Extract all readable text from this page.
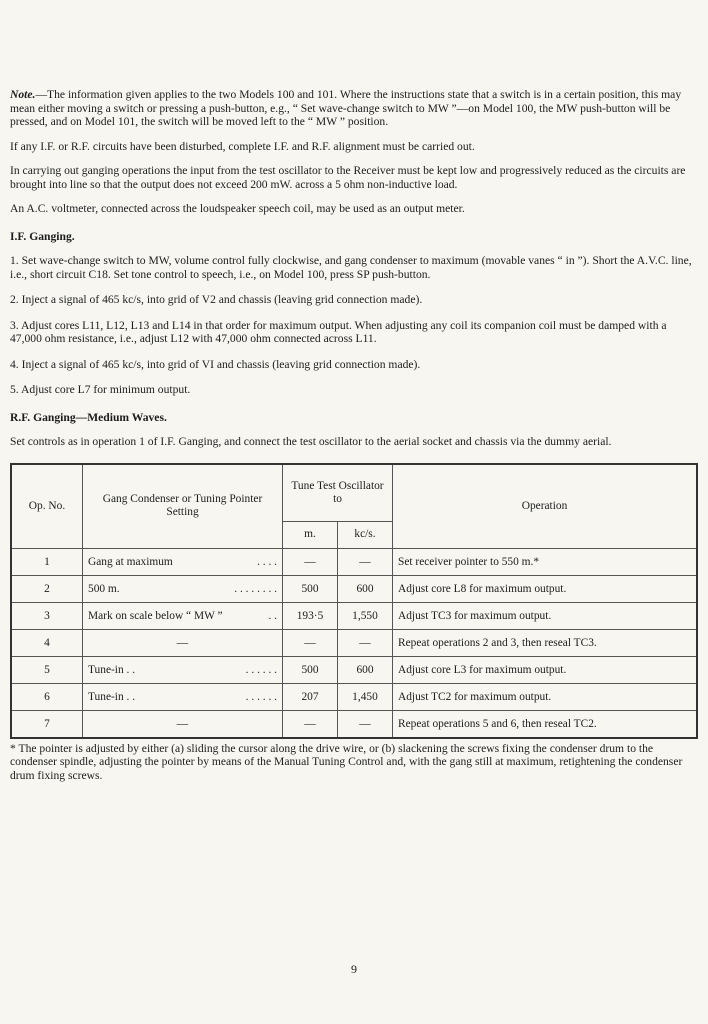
Note.—The information given applies to the two Models 100 and 101. Where the instructions state that a switch is in a certain position, this may mean either moving a switch or pressing a push-button, e.g., “ Set wave-change switch to MW ”—on Model 100, the MW push-button will be pressed, and on Model 101, the switch will be moved left to the “ MW ” position.

If any I.F. or R.F. circuits have been disturbed, complete I.F. and R.F. alignment must be carried out.

In carrying out ganging operations the input from the test oscillator to the Receiver must be kept low and progressively reduced as the circuits are brought into line so that the output does not exceed 200 mW. across a 5 ohm non-inductive load.

An A.C. voltmeter, connected across the loudspeaker speech coil, may be used as an output meter.

I.F. Ganging.

1. Set wave-change switch to MW, volume control fully clockwise, and gang condenser to maximum (movable vanes “ in ”). Short the A.V.C. line, i.e., short circuit C18. Set tone control to speech, i.e., on Model 100, press SP push-button.

2. Inject a signal of 465 kc/s, into grid of V2 and chassis (leaving grid connection made).

3. Adjust cores L11, L12, L13 and L14 in that order for maximum output. When adjusting any coil its companion coil must be damped with a 47,000 ohm resistance, i.e., adjust L12 with 47,000 ohm connected across L11.

4. Inject a signal of 465 kc/s, into grid of VI and chassis (leaving grid connection made).

5. Adjust core L7 for minimum output.

R.F. Ganging—Medium Waves.

Set controls as in operation 1 of I.F. Ganging, and connect the test oscillator to the aerial socket and chassis via the dummy aerial.

Op. No.	Gang Condenser or Tuning Pointer Setting	Tune Test Oscillator to		Operation
		m.	kc/s.	
1	Gang at maximum . . . .	—	—	Set receiver pointer to 550 m.*
2	500 m. . . . . . . . .	500	600	Adjust core L8 for maximum output.
3	Mark on scale below “ MW ” . .	193·5	1,550	Adjust TC3 for maximum output.
4	—	—	—	Repeat operations 2 and 3, then reseal TC3.
5	Tune-in . . . . . . . .	500	600	Adjust core L3 for maximum output.
6	Tune-in . . . . . . . .	207	1,450	Adjust TC2 for maximum output.
7	—	—	—	Repeat operations 5 and 6, then reseal TC2.

* The pointer is adjusted by either (a) sliding the cursor along the drive wire, or (b) slackening the screws fixing the condenser drum to the condenser spindle, adjusting the pointer by means of the Manual Tuning Control and, with the gang still at maximum, retightening the condenser drum fixing screws.

9
